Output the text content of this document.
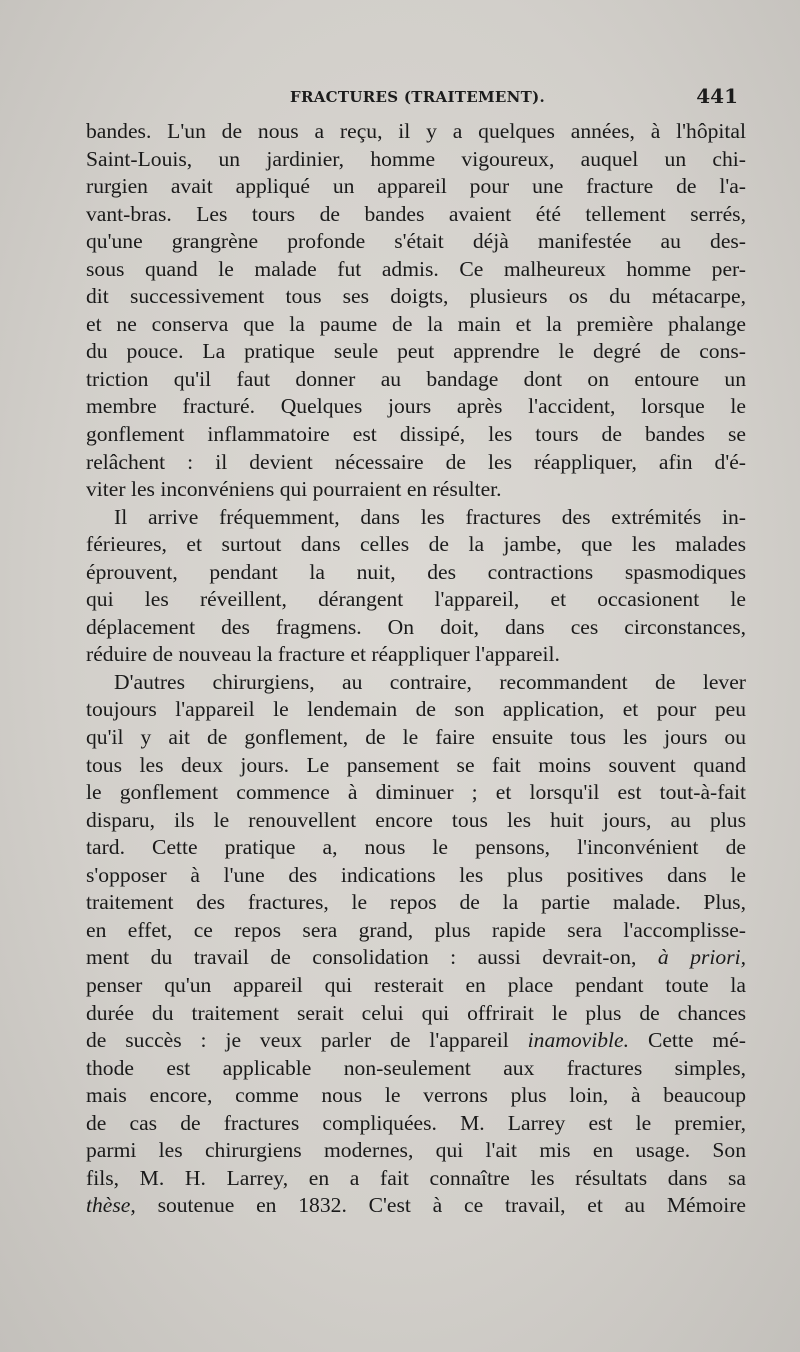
FRACTURES (TRAITEMENT).	441
bandes. L'un de nous a reçu, il y a quelques années, à l'hôpital
Saint-Louis, un jardinier, homme vigoureux, auquel un chi-
rurgien avait appliqué un appareil pour une fracture de l'a-
vant-bras. Les tours de bandes avaient été tellement serrés,
qu'une grangrène profonde s'était déjà manifestée au des-
sous quand le malade fut admis. Ce malheureux homme per-
dit successivement tous ses doigts, plusieurs os du métacarpe,
et ne conserva que la paume de la main et la première phalange
du pouce. La pratique seule peut apprendre le degré de cons-
triction qu'il faut donner au bandage dont on entoure un
membre fracturé. Quelques jours après l'accident, lorsque le
gonflement inflammatoire est dissipé, les tours de bandes se
relâchent : il devient nécessaire de les réappliquer, afin d'é-
viter les inconvéniens qui pourraient en résulter.
Il arrive fréquemment, dans les fractures des extrémités in-
férieures, et surtout dans celles de la jambe, que les malades
éprouvent, pendant la nuit, des contractions spasmodiques
qui les réveillent, dérangent l'appareil, et occasionent le
déplacement des fragmens. On doit, dans ces circonstances,
réduire de nouveau la fracture et réappliquer l'appareil.
D'autres chirurgiens, au contraire, recommandent de lever
toujours l'appareil le lendemain de son application, et pour peu
qu'il y ait de gonflement, de le faire ensuite tous les jours ou
tous les deux jours. Le pansement se fait moins souvent quand
le gonflement commence à diminuer ; et lorsqu'il est tout-à-fait
disparu, ils le renouvellent encore tous les huit jours, au plus
tard. Cette pratique a, nous le pensons, l'inconvénient de
s'opposer à l'une des indications les plus positives dans le
traitement des fractures, le repos de la partie malade. Plus,
en effet, ce repos sera grand, plus rapide sera l'accomplisse-
ment du travail de consolidation : aussi devrait-on, à priori,
penser qu'un appareil qui resterait en place pendant toute la
durée du traitement serait celui qui offrirait le plus de chances
de succès : je veux parler de l'appareil inamovible. Cette mé-
thode est applicable non-seulement aux fractures simples,
mais encore, comme nous le verrons plus loin, à beaucoup
de cas de fractures compliquées. M. Larrey est le premier,
parmi les chirurgiens modernes, qui l'ait mis en usage. Son
fils, M. H. Larrey, en a fait connaître les résultats dans sa
thèse, soutenue en 1832. C'est à ce travail, et au Mémoire
